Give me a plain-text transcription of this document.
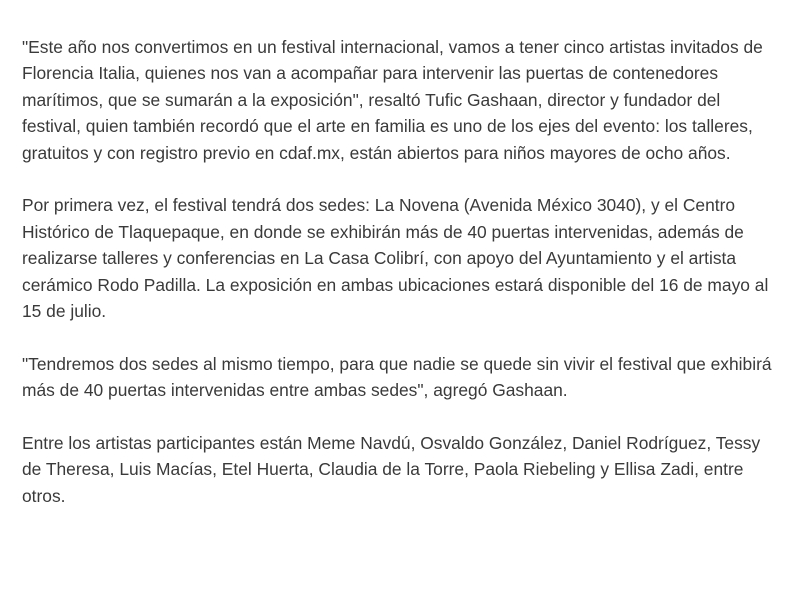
"Este año nos convertimos en un festival internacional, vamos a tener cinco artistas invitados de Florencia Italia, quienes nos van a acompañar para intervenir las puertas de contenedores marítimos, que se sumarán a la exposición", resaltó Tufic Gashaan, director y fundador del festival, quien también recordó que el arte en familia es uno de los ejes del evento: los talleres, gratuitos y con registro previo en cdaf.mx, están abiertos para niños mayores de ocho años.

Por primera vez, el festival tendrá dos sedes: La Novena (Avenida México 3040), y el Centro Histórico de Tlaquepaque, en donde se exhibirán más de 40 puertas intervenidas, además de realizarse talleres y conferencias en La Casa Colibrí, con apoyo del Ayuntamiento y el artista cerámico Rodo Padilla. La exposición en ambas ubicaciones estará disponible del 16 de mayo al 15 de julio.

"Tendremos dos sedes al mismo tiempo, para que nadie se quede sin vivir el festival que exhibirá más de 40 puertas intervenidas entre ambas sedes", agregó Gashaan.

Entre los artistas participantes están Meme Navdú, Osvaldo González, Daniel Rodríguez, Tessy de Theresa, Luis Macías, Etel Huerta, Claudia de la Torre, Paola Riebeling y Ellisa Zadi, entre otros.
